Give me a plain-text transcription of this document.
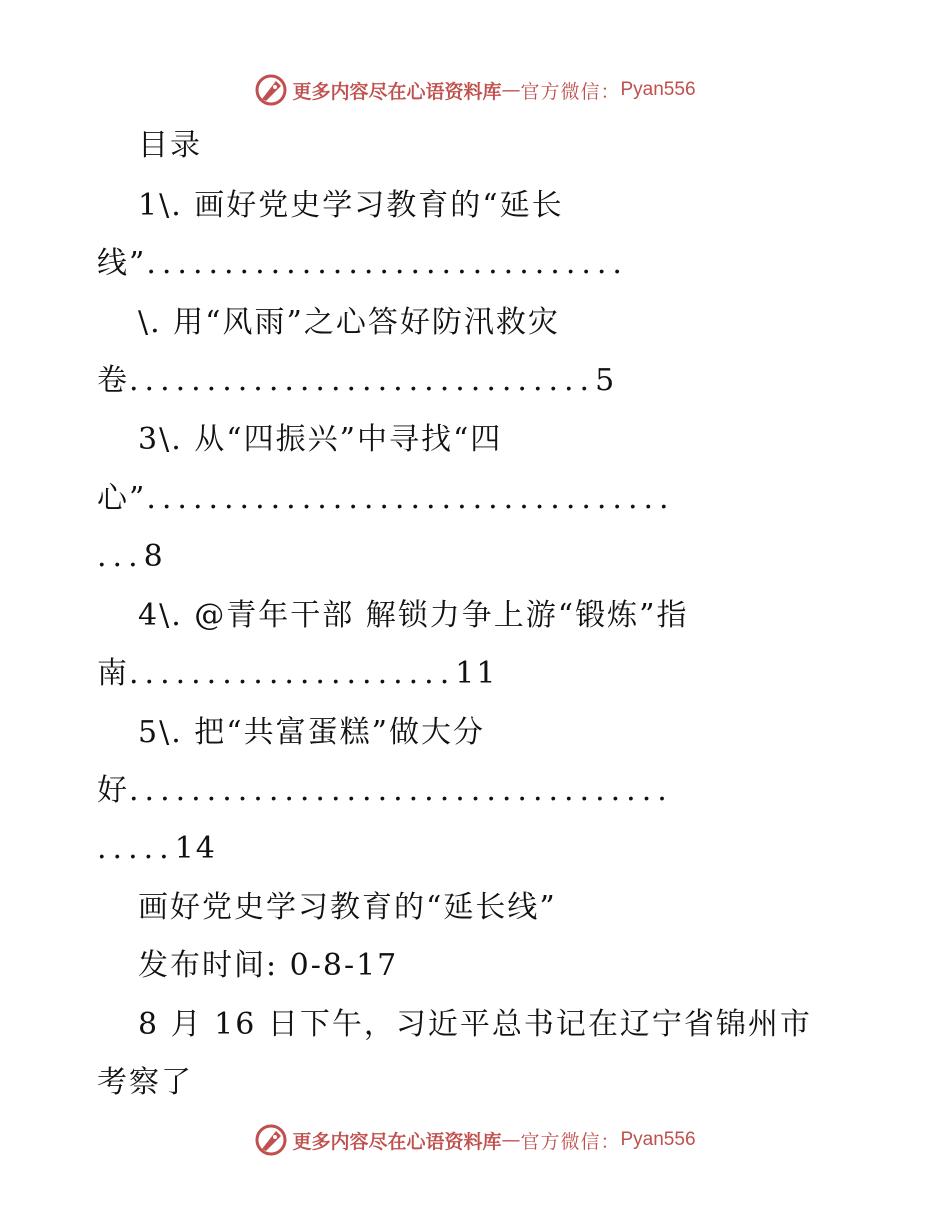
更多内容尽在心语资料库 — 官方微信： Pyan556
目录
1\. 画好党史学习教育的“延长
线”...............................
\. 用“风雨”之心答好防汛救灾
卷..............................5
3\. 从“四振兴”中寻找“四
心”..................................
...8
4\. @青年干部 解锁力争上游“锻炼”指
南.....................11
5\. 把“共富蛋糕”做大分
好...................................
.....14
画好党史学习教育的“延长线”
发布时间: 0-8-17
8 月 16 日下午，习近平总书记在辽宁省锦州市
考察了
更多内容尽在心语资料库 — 官方微信： Pyan556
